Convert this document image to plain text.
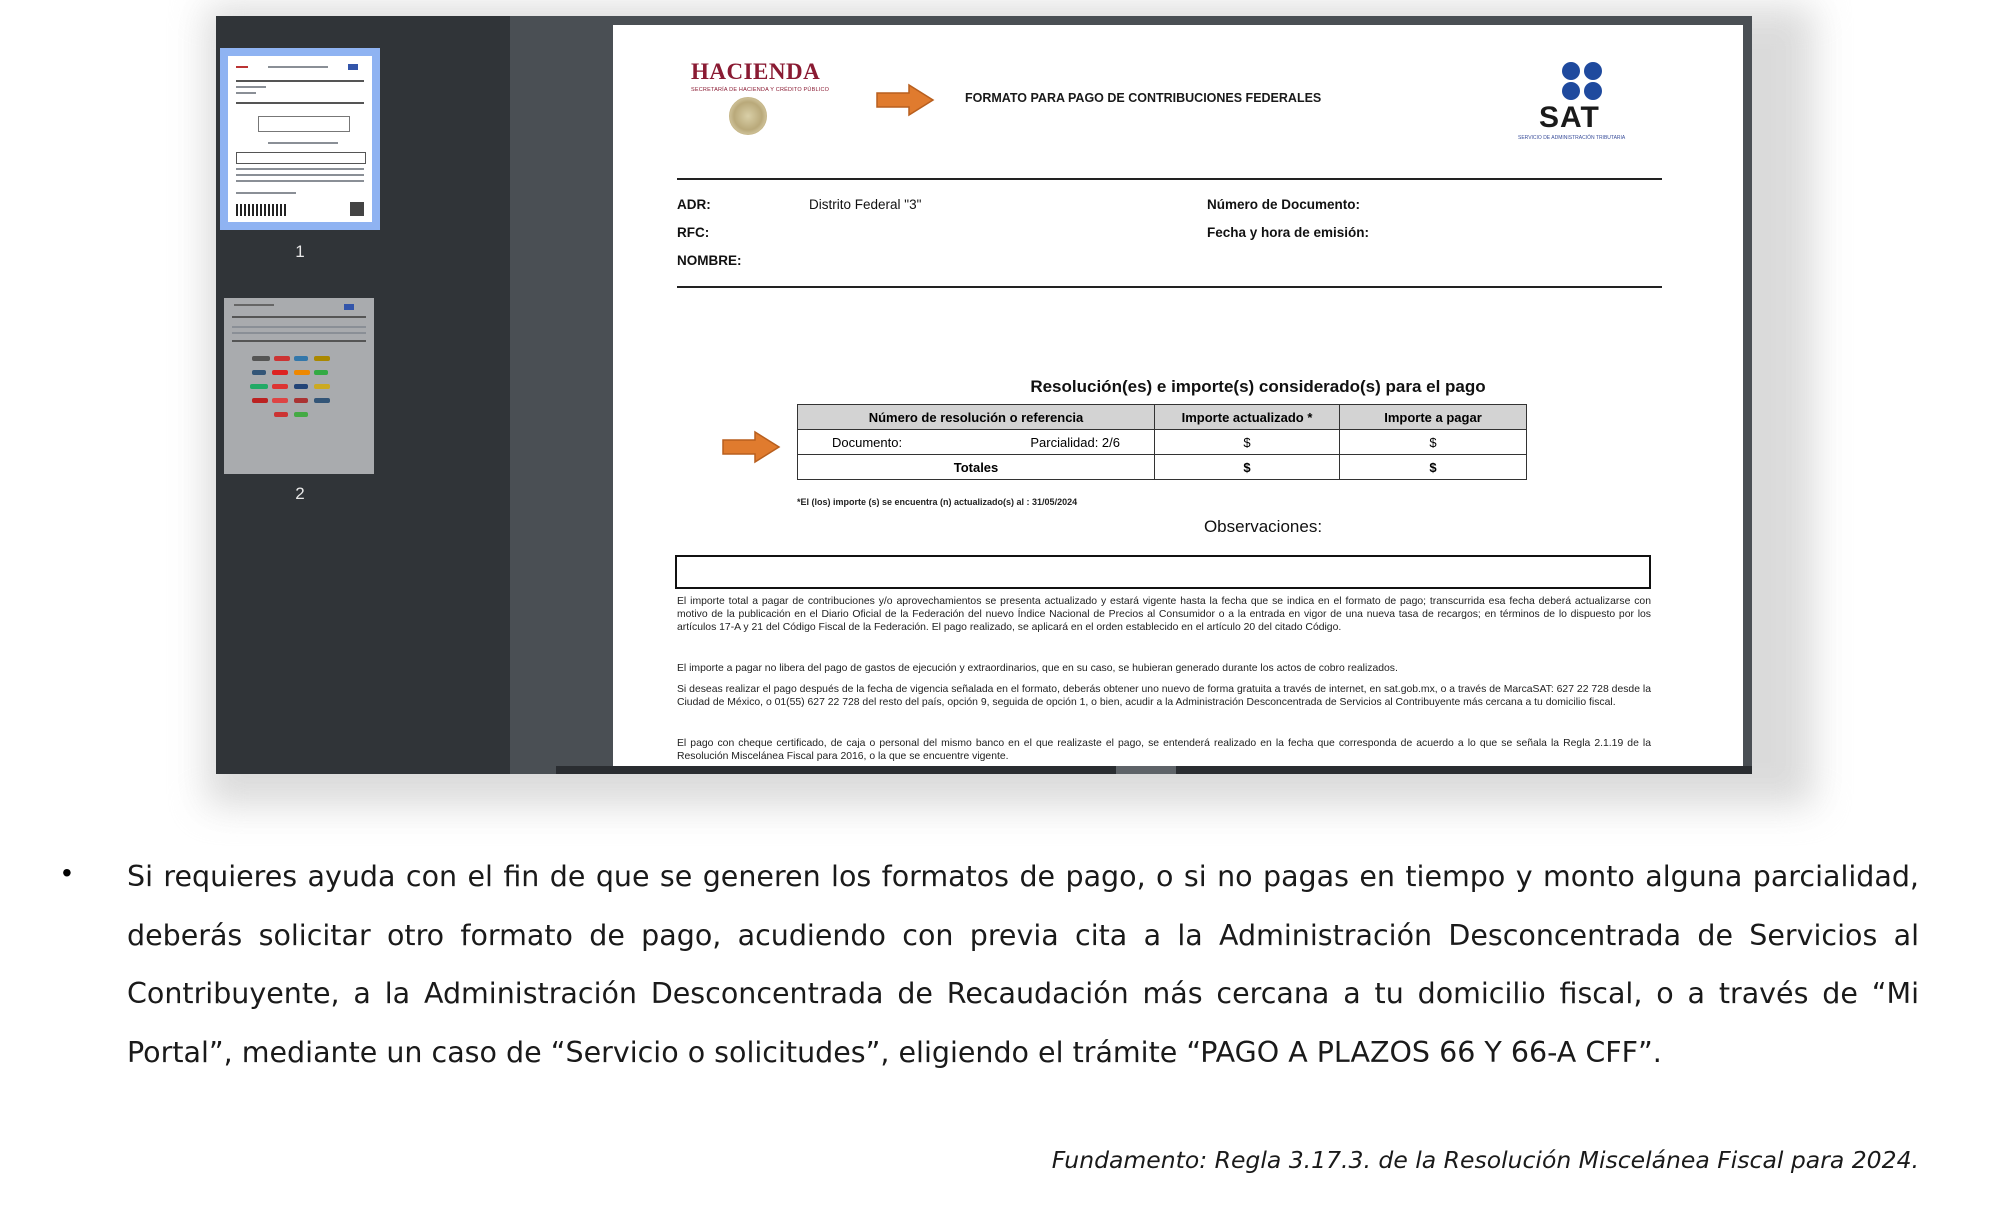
1
2
HACIENDA
SECRETARÍA DE HACIENDA Y CRÉDITO PÚBLICO
FORMATO PARA PAGO DE CONTRIBUCIONES FEDERALES
SAT
SERVICIO DE ADMINISTRACIÓN TRIBUTARIA
ADR:	Distrito Federal "3"
RFC:
NOMBRE:
Número de Documento:
Fecha y hora de emisión:
Resolución(es) e importe(s) considerado(s) para el pago
Número de resolución o referencia	Importe actualizado *	Importe a pagar
Documento: Parcialidad: 2/6	$	$
Totales	$	$
*El (los) importe (s) se encuentra (n) actualizado(s) al : 31/05/2024
Observaciones:
El importe total a pagar de contribuciones y/o aprovechamientos se presenta actualizado y estará vigente hasta la fecha que se indica en el formato de pago; transcurrida esa fecha deberá actualizarse con motivo de la publicación en el Diario Oficial de la Federación del nuevo Índice Nacional de Precios al Consumidor o a la entrada en vigor de una nueva tasa de recargos; en términos de lo dispuesto por los artículos 17-A y 21 del Código Fiscal de la Federación. El pago realizado, se aplicará en el orden establecido en el artículo 20 del citado Código.
El importe a pagar no libera del pago de gastos de ejecución y extraordinarios, que en su caso, se hubieran generado durante los actos de cobro realizados.
Si deseas realizar el pago después de la fecha de vigencia señalada en el formato, deberás obtener uno nuevo de forma gratuita a través de internet, en sat.gob.mx, o a través de MarcaSAT: 627 22 728 desde la Ciudad de México, o 01(55) 627 22 728 del resto del país, opción 9, seguida de opción 1, o bien, acudir a la Administración Desconcentrada de Servicios al Contribuyente más cercana a tu domicilio fiscal.
El pago con cheque certificado, de caja o personal del mismo banco en el que realizaste el pago, se entenderá realizado en la fecha que corresponda de acuerdo a lo que se señala la Regla 2.1.19 de la Resolución Miscelánea Fiscal para 2016, o la que se encuentre vigente.
• Si requieres ayuda con el fin de que se generen los formatos de pago, o si no pagas en tiempo y monto alguna parcialidad, deberás solicitar otro formato de pago, acudiendo con previa cita a la Administración Desconcentrada de Servicios al Contribuyente, a la Administración Desconcentrada de Recaudación más cercana a tu domicilio fiscal, o a través de “Mi Portal”, mediante un caso de “Servicio o solicitudes”, eligiendo el trámite “PAGO A PLAZOS 66 Y 66-A CFF”.
Fundamento: Regla 3.17.3. de la Resolución Miscelánea Fiscal para 2024.
